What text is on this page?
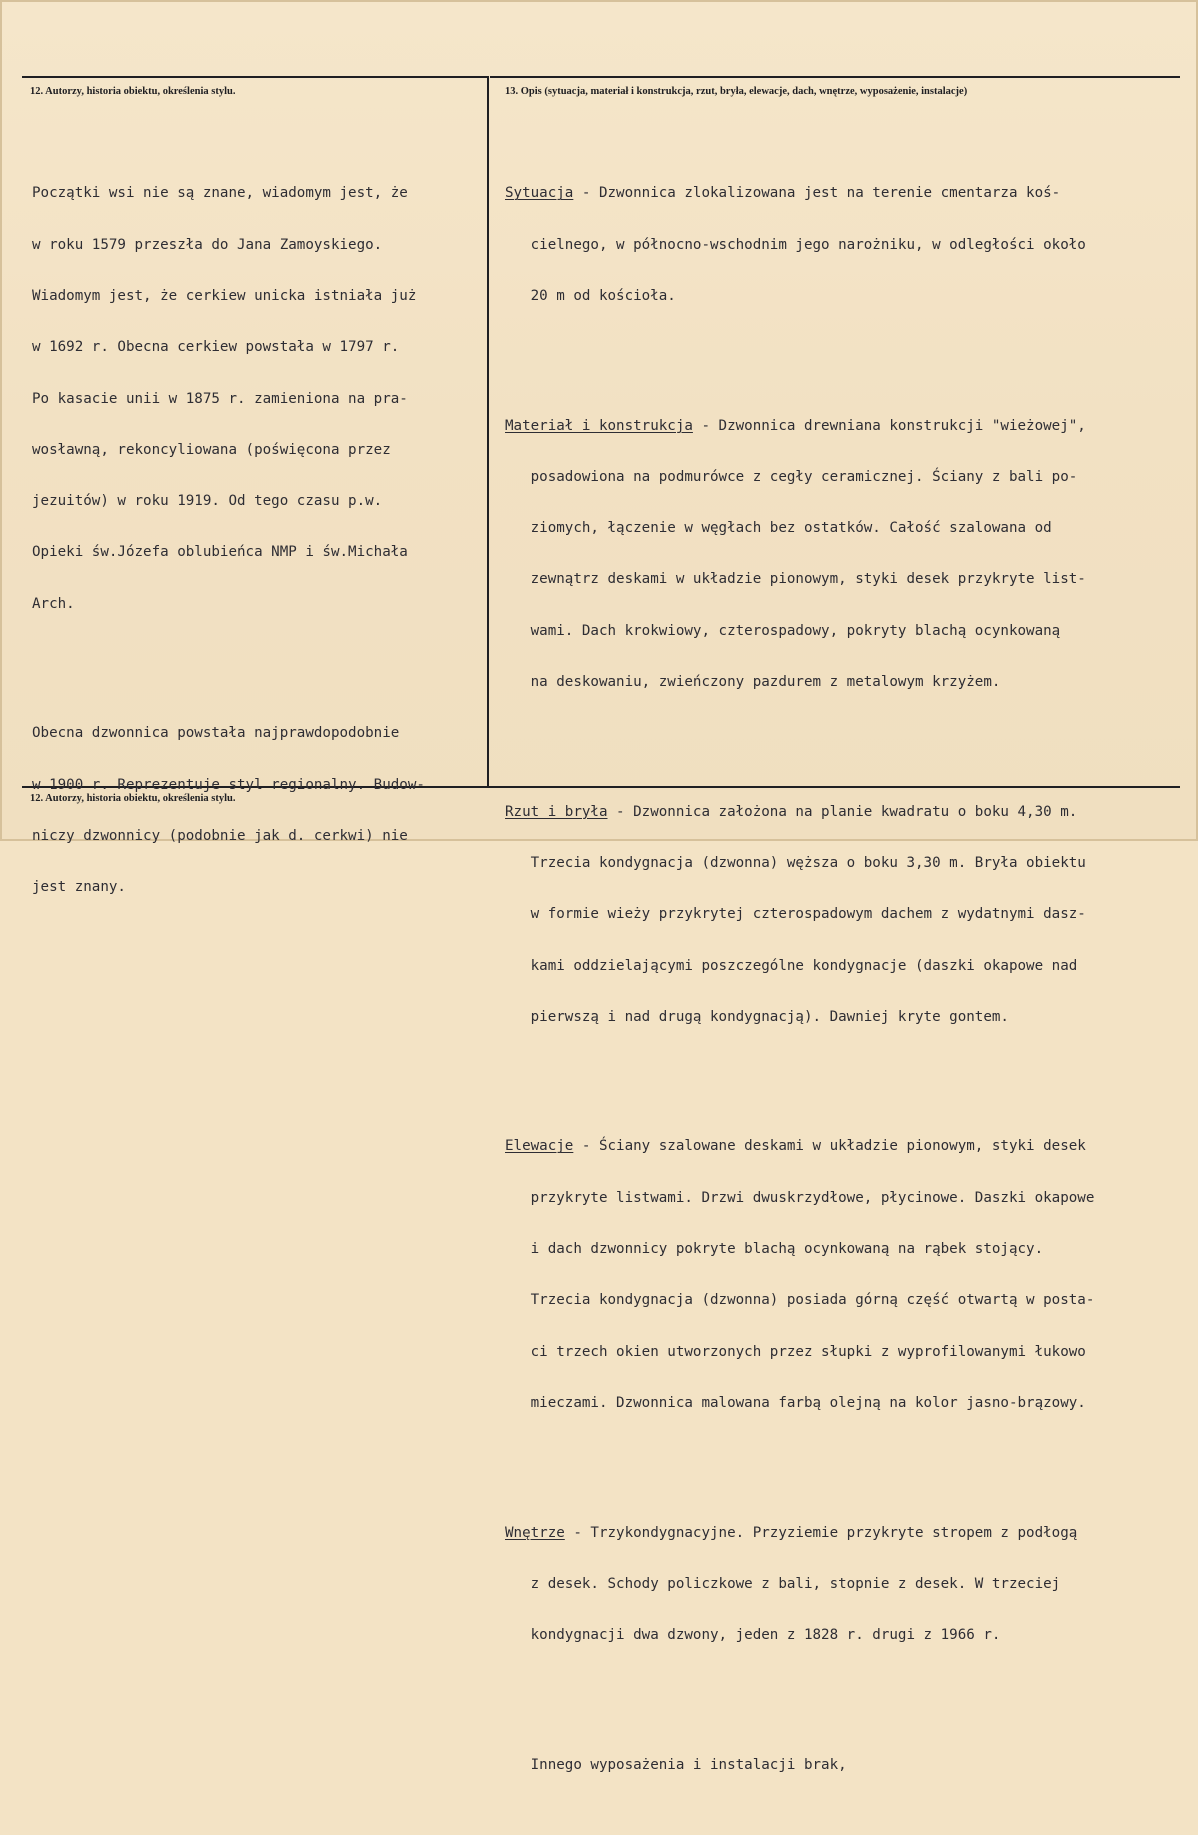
12. Autorzy, historia obiektu, określenia stylu.	13. Opis (sytuacja, materiał i konstrukcja, rzut, bryła, elewacje, dach, wnętrze, wyposażenie, instalacje)
12. Autorzy, historia obiektu, określenia stylu.

Początki wsi nie są znane, wiadomym jest, że

w roku 1579 przeszła do Jana Zamoyskiego.

Wiadomym jest, że cerkiew unicka istniała już

w 1692 r. Obecna cerkiew powstała w 1797 r.

Po kasacie unii w 1875 r. zamieniona na pra-

wosławną, rekoncyliowana (poświęcona przez

jezuitów) w roku 1919. Od tego czasu p.w.

Opieki św.Józefa oblubieńca NMP i św.Michała

Arch.

Obecna dzwonnica powstała najprawdopodobnie

w 1900 r. Reprezentuje styl regionalny. Budow-

niczy dzwonnicy (podobnie jak d. cerkwi) nie

jest znany.

Sytuacja - Dzwonnica zlokalizowana jest na terenie cmentarza koś-

cielnego, w północno-wschodnim jego narożniku, w odległości około

20 m od kościoła.

Materiał i konstrukcja - Dzwonnica drewniana konstrukcji "wieżowej",

posadowiona na podmurówce z cegły ceramicznej. Ściany z bali po-

ziomych, łączenie w węgłach bez ostatków. Całość szalowana od

zewnątrz deskami w układzie pionowym, styki desek przykryte list-

wami. Dach krokwiowy, czterospadowy, pokryty blachą ocynkowaną

na deskowaniu, zwieńczony pazdurem z metalowym krzyżem.

Rzut i bryła - Dzwonnica założona na planie kwadratu o boku 4,30 m.

Trzecia kondygnacja (dzwonna) węższa o boku 3,30 m. Bryła obiektu

w formie wieży przykrytej czterospadowym dachem z wydatnymi dasz-

kami oddzielającymi poszczególne kondygnacje (daszki okapowe nad

pierwszą i nad drugą kondygnacją). Dawniej kryte gontem.

Elewacje - Ściany szalowane deskami w układzie pionowym, styki desek

przykryte listwami. Drzwi dwuskrzydłowe, płycinowe. Daszki okapowe

i dach dzwonnicy pokryte blachą ocynkowaną na rąbek stojący.

Trzecia kondygnacja (dzwonna) posiada górną część otwartą w posta-

ci trzech okien utworzonych przez słupki z wyprofilowanymi łukowo

mieczami. Dzwonnica malowana farbą olejną na kolor jasno-brązowy.

Wnętrze - Trzykondygnacyjne. Przyziemie przykryte stropem z podłogą

z desek. Schody policzkowe z bali, stopnie z desek. W trzeciej

kondygnacji dwa dzwony, jeden z 1828 r. drugi z 1966 r.

Innego wyposażenia i instalacji brak,
